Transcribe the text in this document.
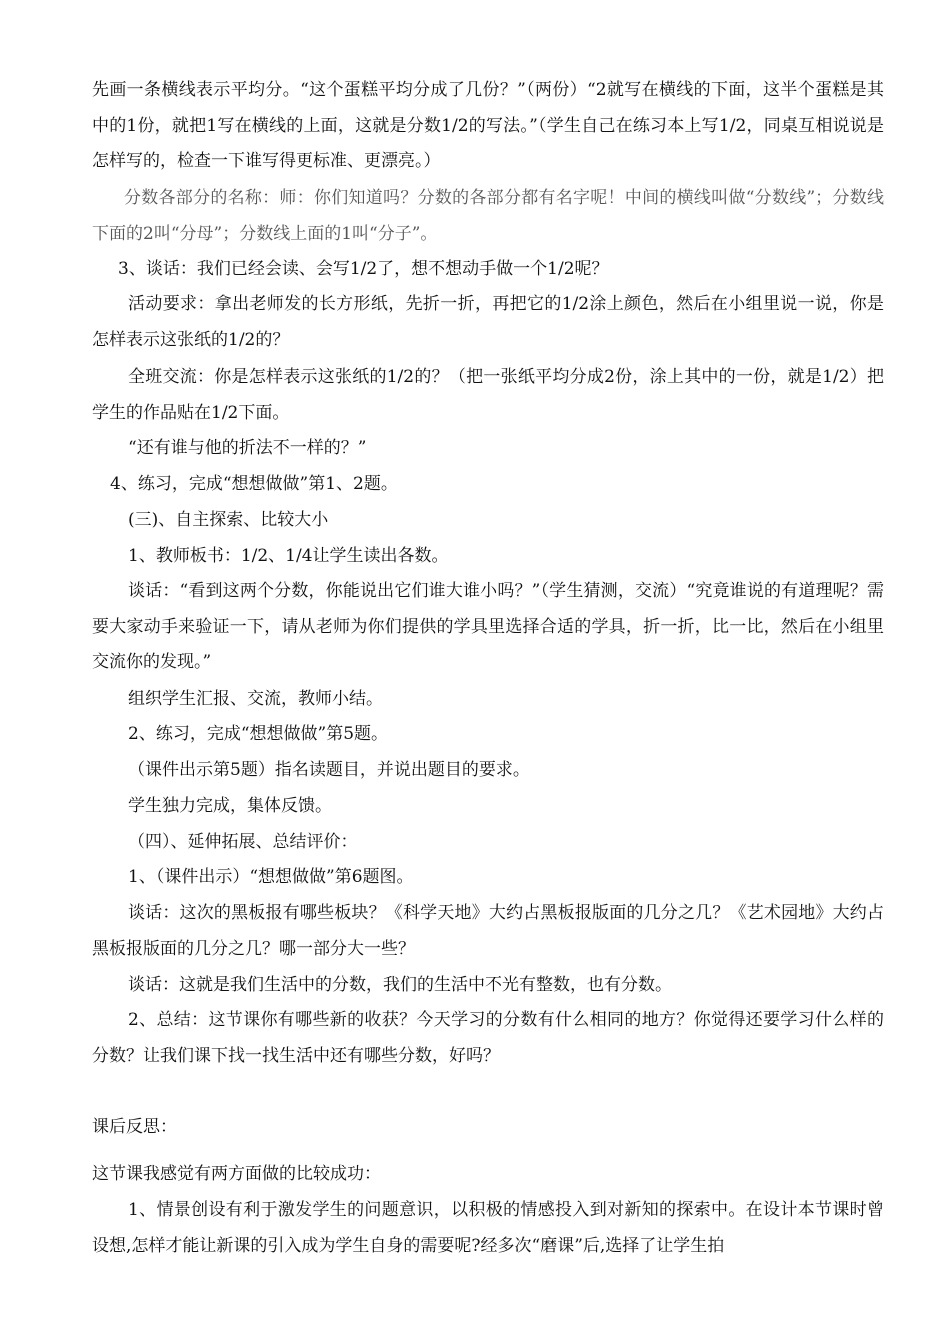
先画一条横线表示平均分。“这个蛋糕平均分成了几份？”（两份）“2就写在横线的下面，这半个蛋糕是其中的1份，就把1写在横线的上面，这就是分数1/2的写法。”（学生自己在练习本上写1/2，同桌互相说说是怎样写的，检查一下谁写得更标准、更漂亮。）

分数各部分的名称：师：你们知道吗？分数的各部分都有名字呢！中间的横线叫做“分数线”；分数线下面的2叫“分母”；分数线上面的1叫“分子”。

3、谈话：我们已经会读、会写1/2了，想不想动手做一个1/2呢？

活动要求：拿出老师发的长方形纸，先折一折，再把它的1/2涂上颜色，然后在小组里说一说，你是怎样表示这张纸的1/2的？

全班交流：你是怎样表示这张纸的1/2的？（把一张纸平均分成2份，涂上其中的一份，就是1/2）把学生的作品贴在1/2下面。

“还有谁与他的折法不一样的？”

4、练习，完成“想想做做”第1、2题。

(三)、自主探索、比较大小

1、教师板书：1/2、1/4让学生读出各数。

谈话：“看到这两个分数，你能说出它们谁大谁小吗？”（学生猜测，交流）“究竟谁说的有道理呢？需要大家动手来验证一下，请从老师为你们提供的学具里选择合适的学具，折一折，比一比，然后在小组里交流你的发现。”

组织学生汇报、交流，教师小结。

2、练习，完成“想想做做”第5题。

（课件出示第5题）指名读题目，并说出题目的要求。

学生独力完成，集体反馈。

（四）、延伸拓展、总结评价：

1、（课件出示）“想想做做”第6题图。

谈话：这次的黑板报有哪些板块？《科学天地》大约占黑板报版面的几分之几？《艺术园地》大约占黑板报版面的几分之几？哪一部分大一些？

谈话：这就是我们生活中的分数，我们的生活中不光有整数，也有分数。

2、总结：这节课你有哪些新的收获？今天学习的分数有什么相同的地方？你觉得还要学习什么样的分数？让我们课下找一找生活中还有哪些分数，好吗？

课后反思：

这节课我感觉有两方面做的比较成功：

1、情景创设有利于激发学生的问题意识，以积极的情感投入到对新知的探索中。在设计本节课时曾设想,怎样才能让新课的引入成为学生自身的需要呢?经多次“磨课”后,选择了让学生拍
